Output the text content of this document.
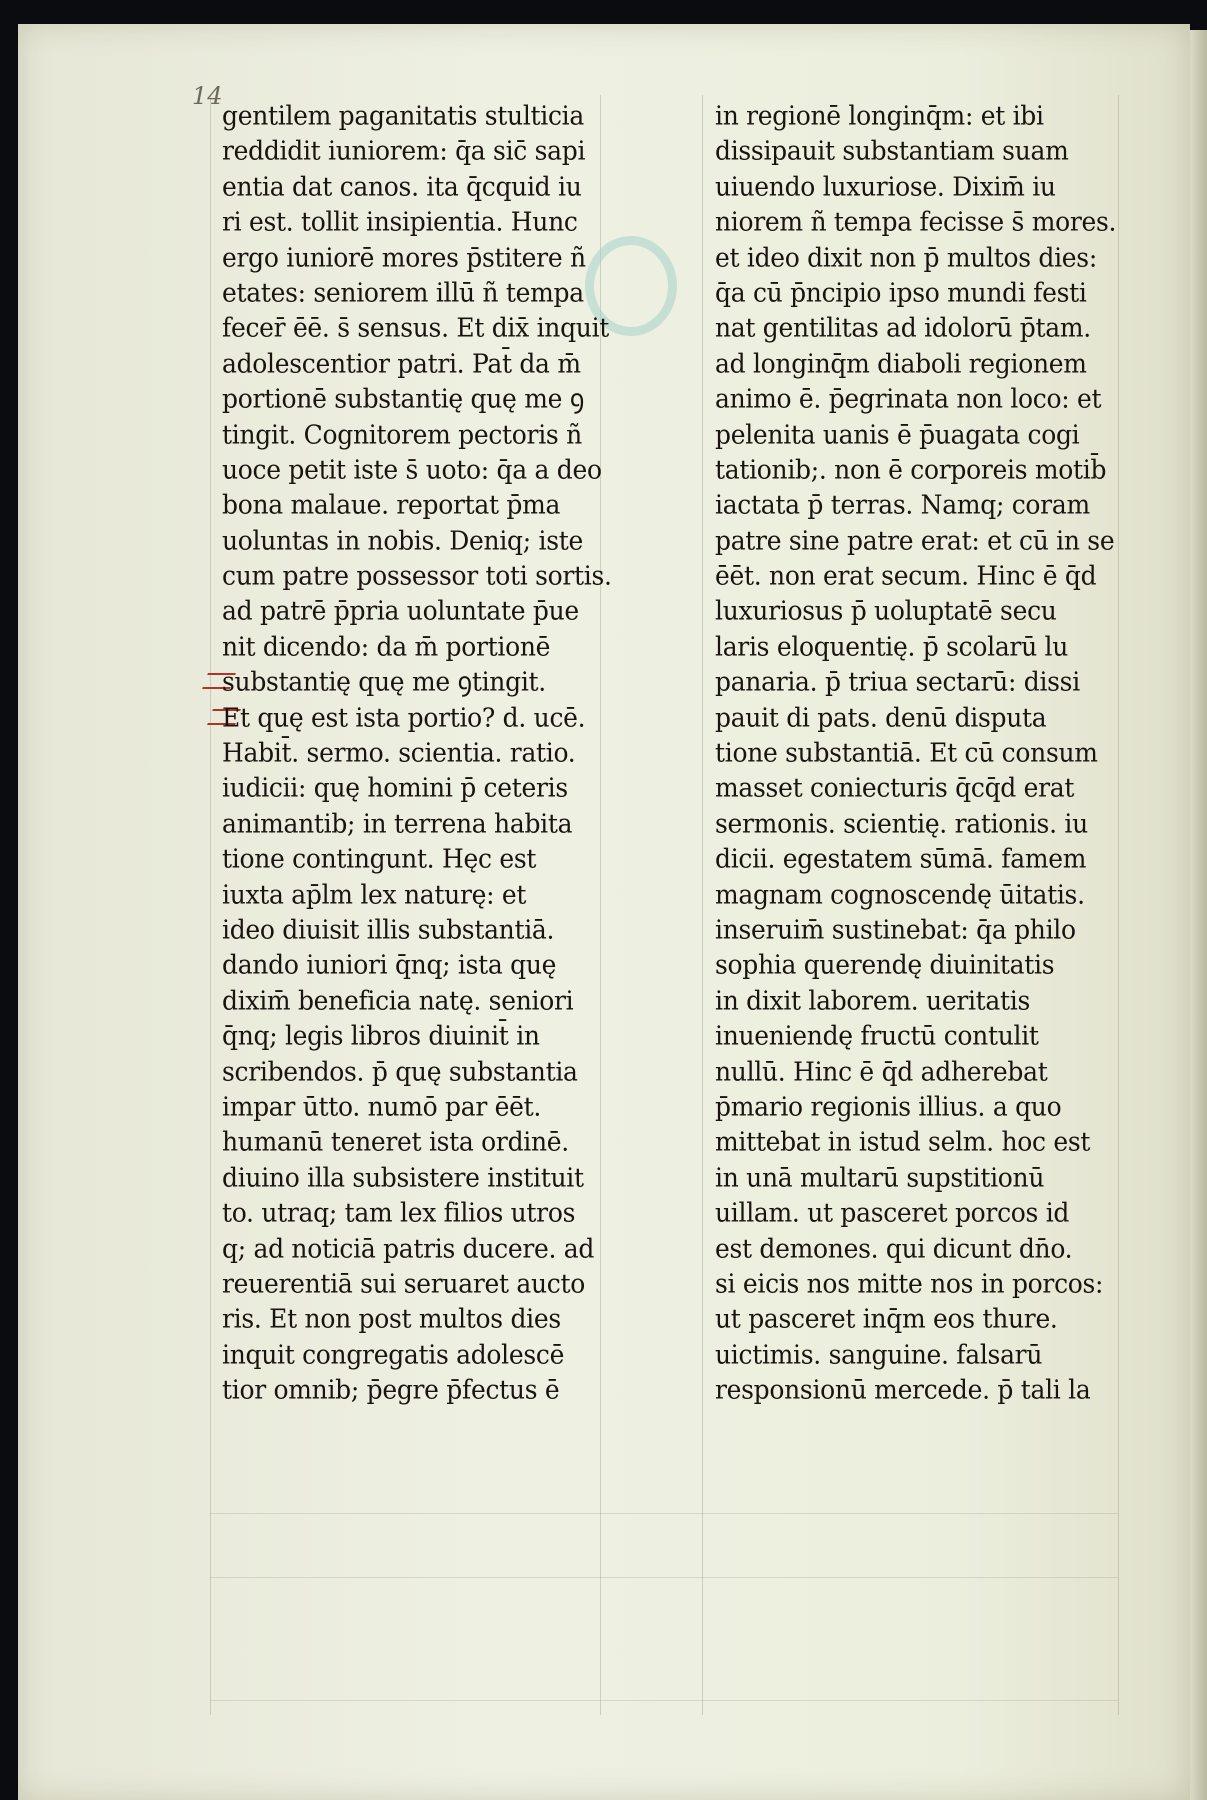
14
gentilem paganitatis stulticia
reddidit iuniorem: q̄a sic̄ sapi
entia dat canos. ita q̄cquid iu
ri est. tollit insipientia. Hunc
ergo iuniorē mores p̄stitere ñ
etates: seniorem illū ñ tempa
fecer̄ ēē. s̄ sensus. Et dix̄ inquit
adolescentior patri. Pat̄ da m̄
portionē substantię quę me ꝯ
tingit. Cognitorem pectoris ñ
uoce petit iste s̄ uoto: q̄a a deo
bona malaue. reportat p̄ma
uoluntas in nobis. Deniq; iste
cum patre possessor toti sortis.
ad patrē p̄pria uoluntate p̄ue
nit dicendo: da m̄ portionē
substantię quę me ꝯtingit.
Et quę est ista portio? d. ucē.
Habit̄. sermo. scientia. ratio.
iudicii: quę homini p̄ ceteris
animantib; in terrena habita
tione contingunt. Hęc est
iuxta ap̄lm lex naturę: et
ideo diuisit illis substantiā.
dando iuniori q̄nq; ista quę
dixim̄ beneficia natę. seniori
q̄nq; legis libros diuinit̄ in
scribendos. p̄ quę substantia
impar ūtto. numō par ēēt.
humanū teneret ista ordinē.
diuino illa subsistere instituit
to. utraq; tam lex filios utros
q; ad noticiā patris ducere. ad
reuerentiā sui seruaret aucto
ris. Et non post multos dies
inquit congregatis adolescē
tior omnib; p̄egre p̄fectus ē
in regionē longinq̄m: et ibi
dissipauit substantiam suam
uiuendo luxuriose. Dixim̄ iu
niorem ñ tempa fecisse s̄ mores.
et ideo dixit non p̄ multos dies:
q̄a cū p̄ncipio ipso mundi festi
nat gentilitas ad idolorū p̄tam.
ad longinq̄m diaboli regionem
animo ē. p̄egrinata non loco: et
pelenita uanis ē p̄uagata cogi
tationib;. non ē corporeis motib̄
iactata p̄ terras. Namq; coram
patre sine patre erat: et cū in se
ēēt. non erat secum. Hinc ē q̄d
luxuriosus p̄ uoluptatē secu
laris eloquentię. p̄ scolarū lu
panaria. p̄ triua sectarū: dissi
pauit di pats. denū disputa
tione substantiā. Et cū consum
masset coniecturis q̄cq̄d erat
sermonis. scientię. rationis. iu
dicii. egestatem sūmā. famem
magnam cognoscendę ūitatis.
inseruim̄ sustinebat: q̄a philo
sophia querendę diuinitatis
in dixit laborem. ueritatis
inueniendę fructū contulit
nullū. Hinc ē q̄d adherebat
p̄mario regionis illius. a quo
mittebat in istud selm. hoc est
in unā multarū supstitionū
uillam. ut pasceret porcos id
est demones. qui dicunt dn̄o.
si eicis nos mitte nos in porcos:
ut pasceret inq̄m eos thure.
uictimis. sanguine. falsarū
responsionū mercede. p̄ tali la
